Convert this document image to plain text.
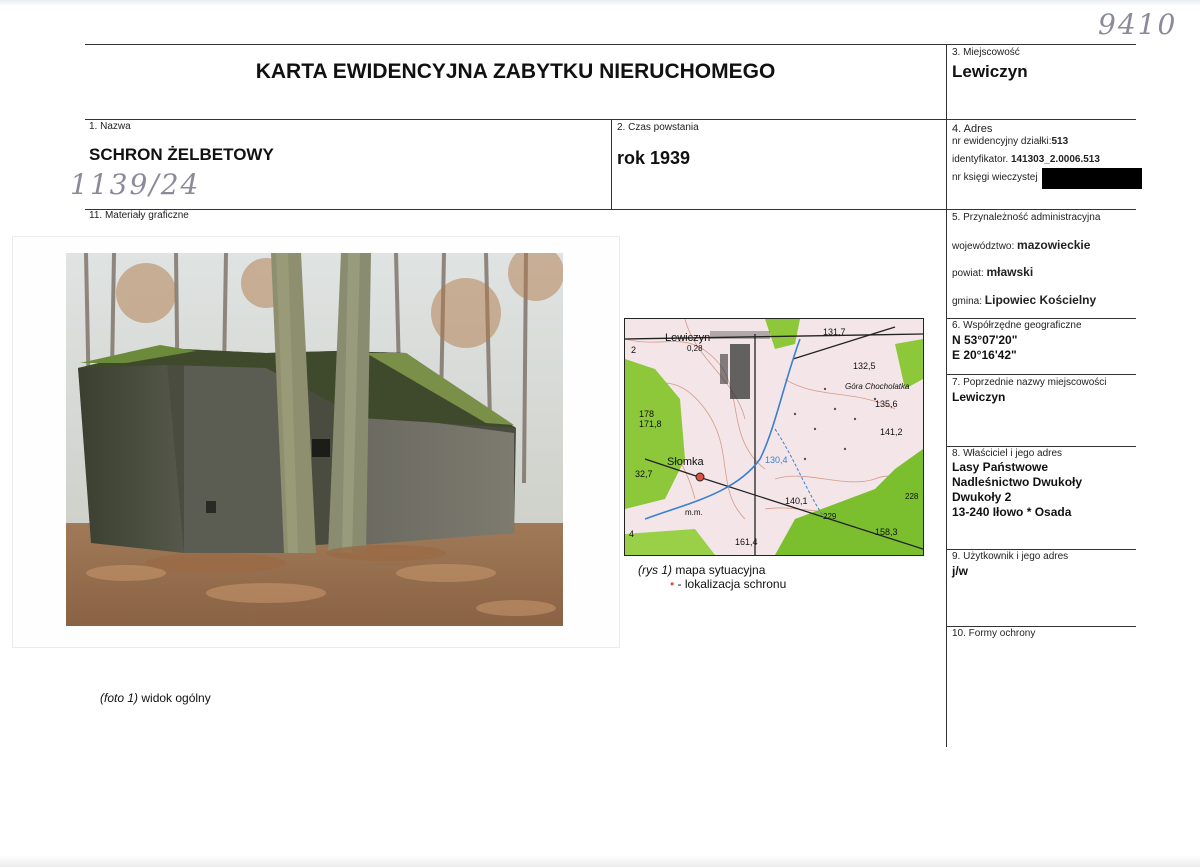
9410
KARTA EWIDENCYJNA ZABYTKU NIERUCHOMEGO
3. Miejscowość
Lewiczyn
1. Nazwa
SCHRON ŻELBETOWY
1139/24
2. Czas powstania
rok 1939
4. Adres
nr ewidencyjny działki:513
identyfikator. 141303_2.0006.513
nr księgi wieczystej
11. Materiały graficzne	5. Przynależność administracyjna
województwo: mazowieckie
powiat: mławski
gmina: Lipowiec Kościelny
6. Współrzędne geograficzne
N 53°07'20"
E 20°16'42"
7. Poprzednie nazwy miejscowości
Lewiczyn
8. Właściciel i jego adres
Lasy Państwowe
Nadleśnictwo Dwukoły
Dwukoły 2
13-240 Iłowo * Osada
9. Użytkownik i jego adres
j/w
10. Formy ochrony
Lewiczyn
Słomka
Góra Chocholatka
131,7
132,5
135,6
141,2
140,1
158,3
161,4
171,8
178
32,7
130,4
0,28
229
228
2
4
m.m.
(rys 1) mapa sytuacyjna
• - lokalizacja schronu
(foto 1) widok ogólny
